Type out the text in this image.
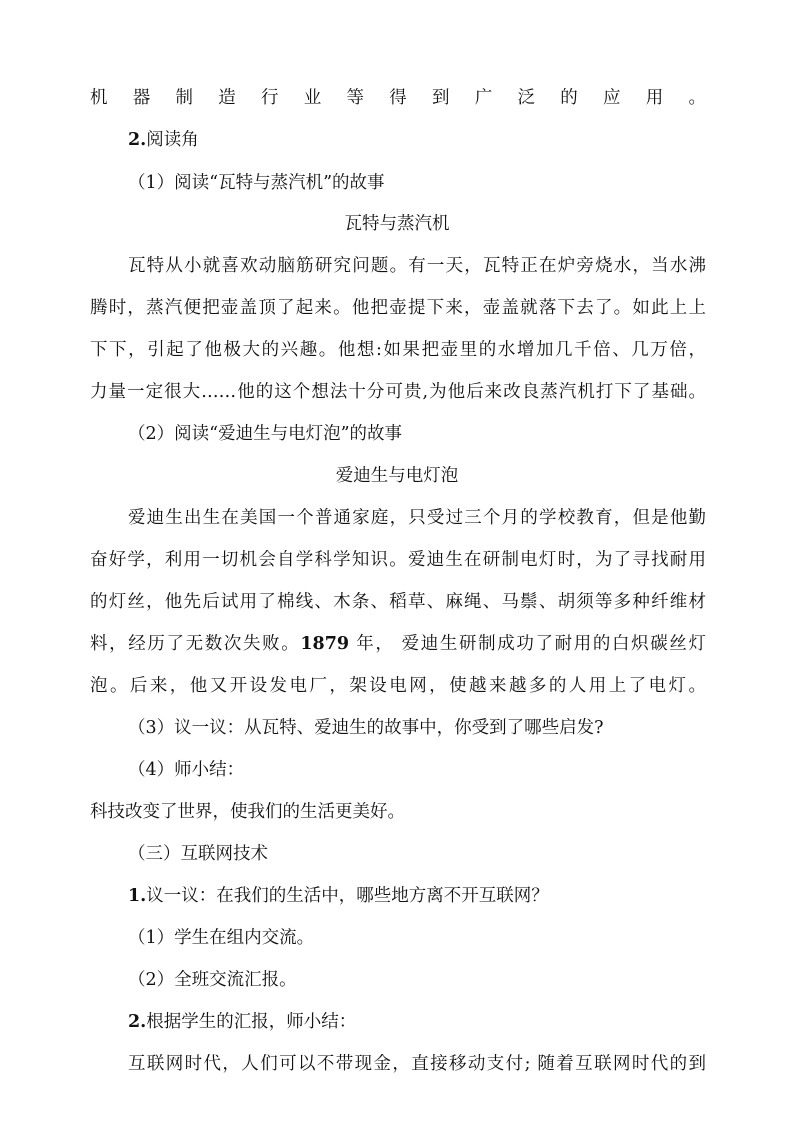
机器制造行业等得到广泛的应用。
2.阅读角
（1）阅读“瓦特与蒸汽机”的故事
瓦特与蒸汽机
瓦特从小就喜欢动脑筋研究问题。有一天，瓦特正在炉旁烧水，当水沸
腾时，蒸汽便把壶盖顶了起来。他把壶提下来，壶盖就落下去了。如此上上
下下，引起了他极大的兴趣。他想:如果把壶里的水增加几千倍、几万倍，
力量一定很大……他的这个想法十分可贵,为他后来改良蒸汽机打下了基础。
（2）阅读“爱迪生与电灯泡”的故事
爱迪生与电灯泡
爱迪生出生在美国一个普通家庭，只受过三个月的学校教育，但是他勤
奋好学，利用一切机会自学科学知识。爱迪生在研制电灯时，为了寻找耐用
的灯丝，他先后试用了棉线、木条、稻草、麻绳、马鬃、胡须等多种纤维材
料，经历了无数次失败。1879 年， 爱迪生研制成功了耐用的白炽碳丝灯
泡。后来，他又开设发电厂，架设电网，使越来越多的人用上了电灯。
（3）议一议：从瓦特、爱迪生的故事中，你受到了哪些启发?
（4）师小结：
科技改变了世界，使我们的生活更美好。
（三）互联网技术
1.议一议：在我们的生活中，哪些地方离不开互联网？
（1）学生在组内交流。
（2）全班交流汇报。
2.根据学生的汇报，师小结：
互联网时代，人们可以不带现金，直接移动支付; 随着互联网时代的到
